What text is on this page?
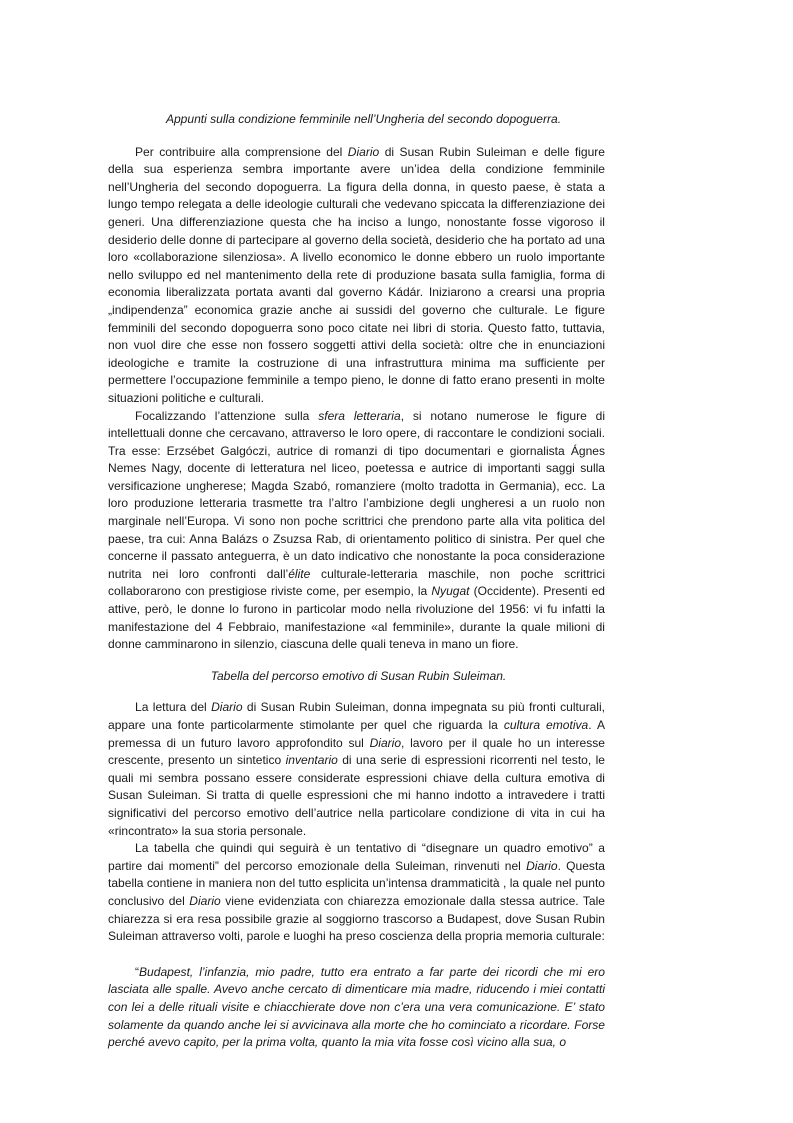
Appunti sulla condizione femminile nell’Ungheria del secondo dopoguerra.

Per contribuire alla comprensione del Diario di Susan Rubin Suleiman e delle figure della sua esperienza sembra importante avere un’idea della condizione femminile nell’Ungheria del secondo dopoguerra. La figura della donna, in questo paese, è stata a lungo tempo relegata a delle ideologie culturali che vedevano spiccata la differenziazione dei generi. Una differenziazione questa che ha inciso a lungo, nonostante fosse vigoroso il desiderio delle donne di partecipare al governo della società, desiderio che ha portato ad una loro «collaborazione silenziosa». A livello economico le donne ebbero un ruolo importante nello sviluppo ed nel mantenimento della rete di produzione basata sulla famiglia, forma di economia liberalizzata portata avanti dal governo Kádár. Iniziarono a crearsi una propria „indipendenza” economica grazie anche ai sussidi del governo che culturale. Le figure femminili del secondo dopoguerra sono poco citate nei libri di storia. Questo fatto, tuttavia, non vuol dire che esse non fossero soggetti attivi della società: oltre che in enunciazioni ideologiche e tramite la costruzione di una infrastruttura minima ma sufficiente per permettere l’occupazione femminile a tempo pieno, le donne di fatto erano presenti in molte situazioni politiche e culturali.

Focalizzando l’attenzione sulla sfera letteraria, si notano numerose le figure di intellettuali donne che cercavano, attraverso le loro opere, di raccontare le condizioni sociali. Tra esse: Erzsébet Galgóczi, autrice di romanzi di tipo documentari e giornalista Ágnes Nemes Nagy, docente di letteratura nel liceo, poetessa e autrice di importanti saggi sulla versificazione ungherese; Magda Szabó, romanziere (molto tradotta in Germania), ecc. La loro produzione letteraria trasmette tra l’altro l’ambizione degli ungheresi a un ruolo non marginale nell’Europa. Vi sono non poche scrittrici che prendono parte alla vita politica del paese, tra cui: Anna Balázs o Zsuzsa Rab, di orientamento politico di sinistra. Per quel che concerne il passato anteguerra, è un dato indicativo che nonostante la poca considerazione nutrita nei loro confronti dall’élite culturale-letteraria maschile, non poche scrittrici collaborarono con prestigiose riviste come, per esempio, la Nyugat (Occidente). Presenti ed attive, però, le donne lo furono in particolar modo nella rivoluzione del 1956: vi fu infatti la manifestazione del 4 Febbraio, manifestazione «al femminile», durante la quale milioni di donne camminarono in silenzio, ciascuna delle quali teneva in mano un fiore.

Tabella del percorso emotivo di Susan Rubin Suleiman.

La lettura del Diario di Susan Rubin Suleiman, donna impegnata su più fronti culturali, appare una fonte particolarmente stimolante per quel che riguarda la cultura emotiva. A premessa di un futuro lavoro approfondito sul Diario, lavoro per il quale ho un interesse crescente, presento un sintetico inventario di una serie di espressioni ricorrenti nel testo, le quali mi sembra possano essere considerate espressioni chiave della cultura emotiva di Susan Suleiman. Si tratta di quelle espressioni che mi hanno indotto a intravedere i tratti significativi del percorso emotivo dell’autrice nella particolare condizione di vita in cui ha «rincontrato» la sua storia personale.

La tabella che quindi qui seguirà è un tentativo di “disegnare un quadro emotivo” a partire dai momenti” del percorso emozionale della Suleiman, rinvenuti nel Diario. Questa tabella contiene in maniera non del tutto esplicita un’intensa drammaticità , la quale nel punto conclusivo del Diario viene evidenziata con chiarezza emozionale dalla stessa autrice. Tale chiarezza si era resa possibile grazie al soggiorno trascorso a Budapest, dove Susan Rubin Suleiman attraverso volti, parole e luoghi ha preso coscienza della propria memoria culturale:

“Budapest, l’infanzia, mio padre, tutto era entrato a far parte dei ricordi che mi ero lasciata alle spalle. Avevo anche cercato di dimenticare mia madre, riducendo i miei contatti con lei a delle rituali visite e chiacchierate dove non c’era una vera comunicazione. E’ stato solamente da quando anche lei si avvicinava alla morte che ho cominciato a ricordare. Forse perché avevo capito, per la prima volta, quanto la mia vita fosse così vicino alla sua, o
